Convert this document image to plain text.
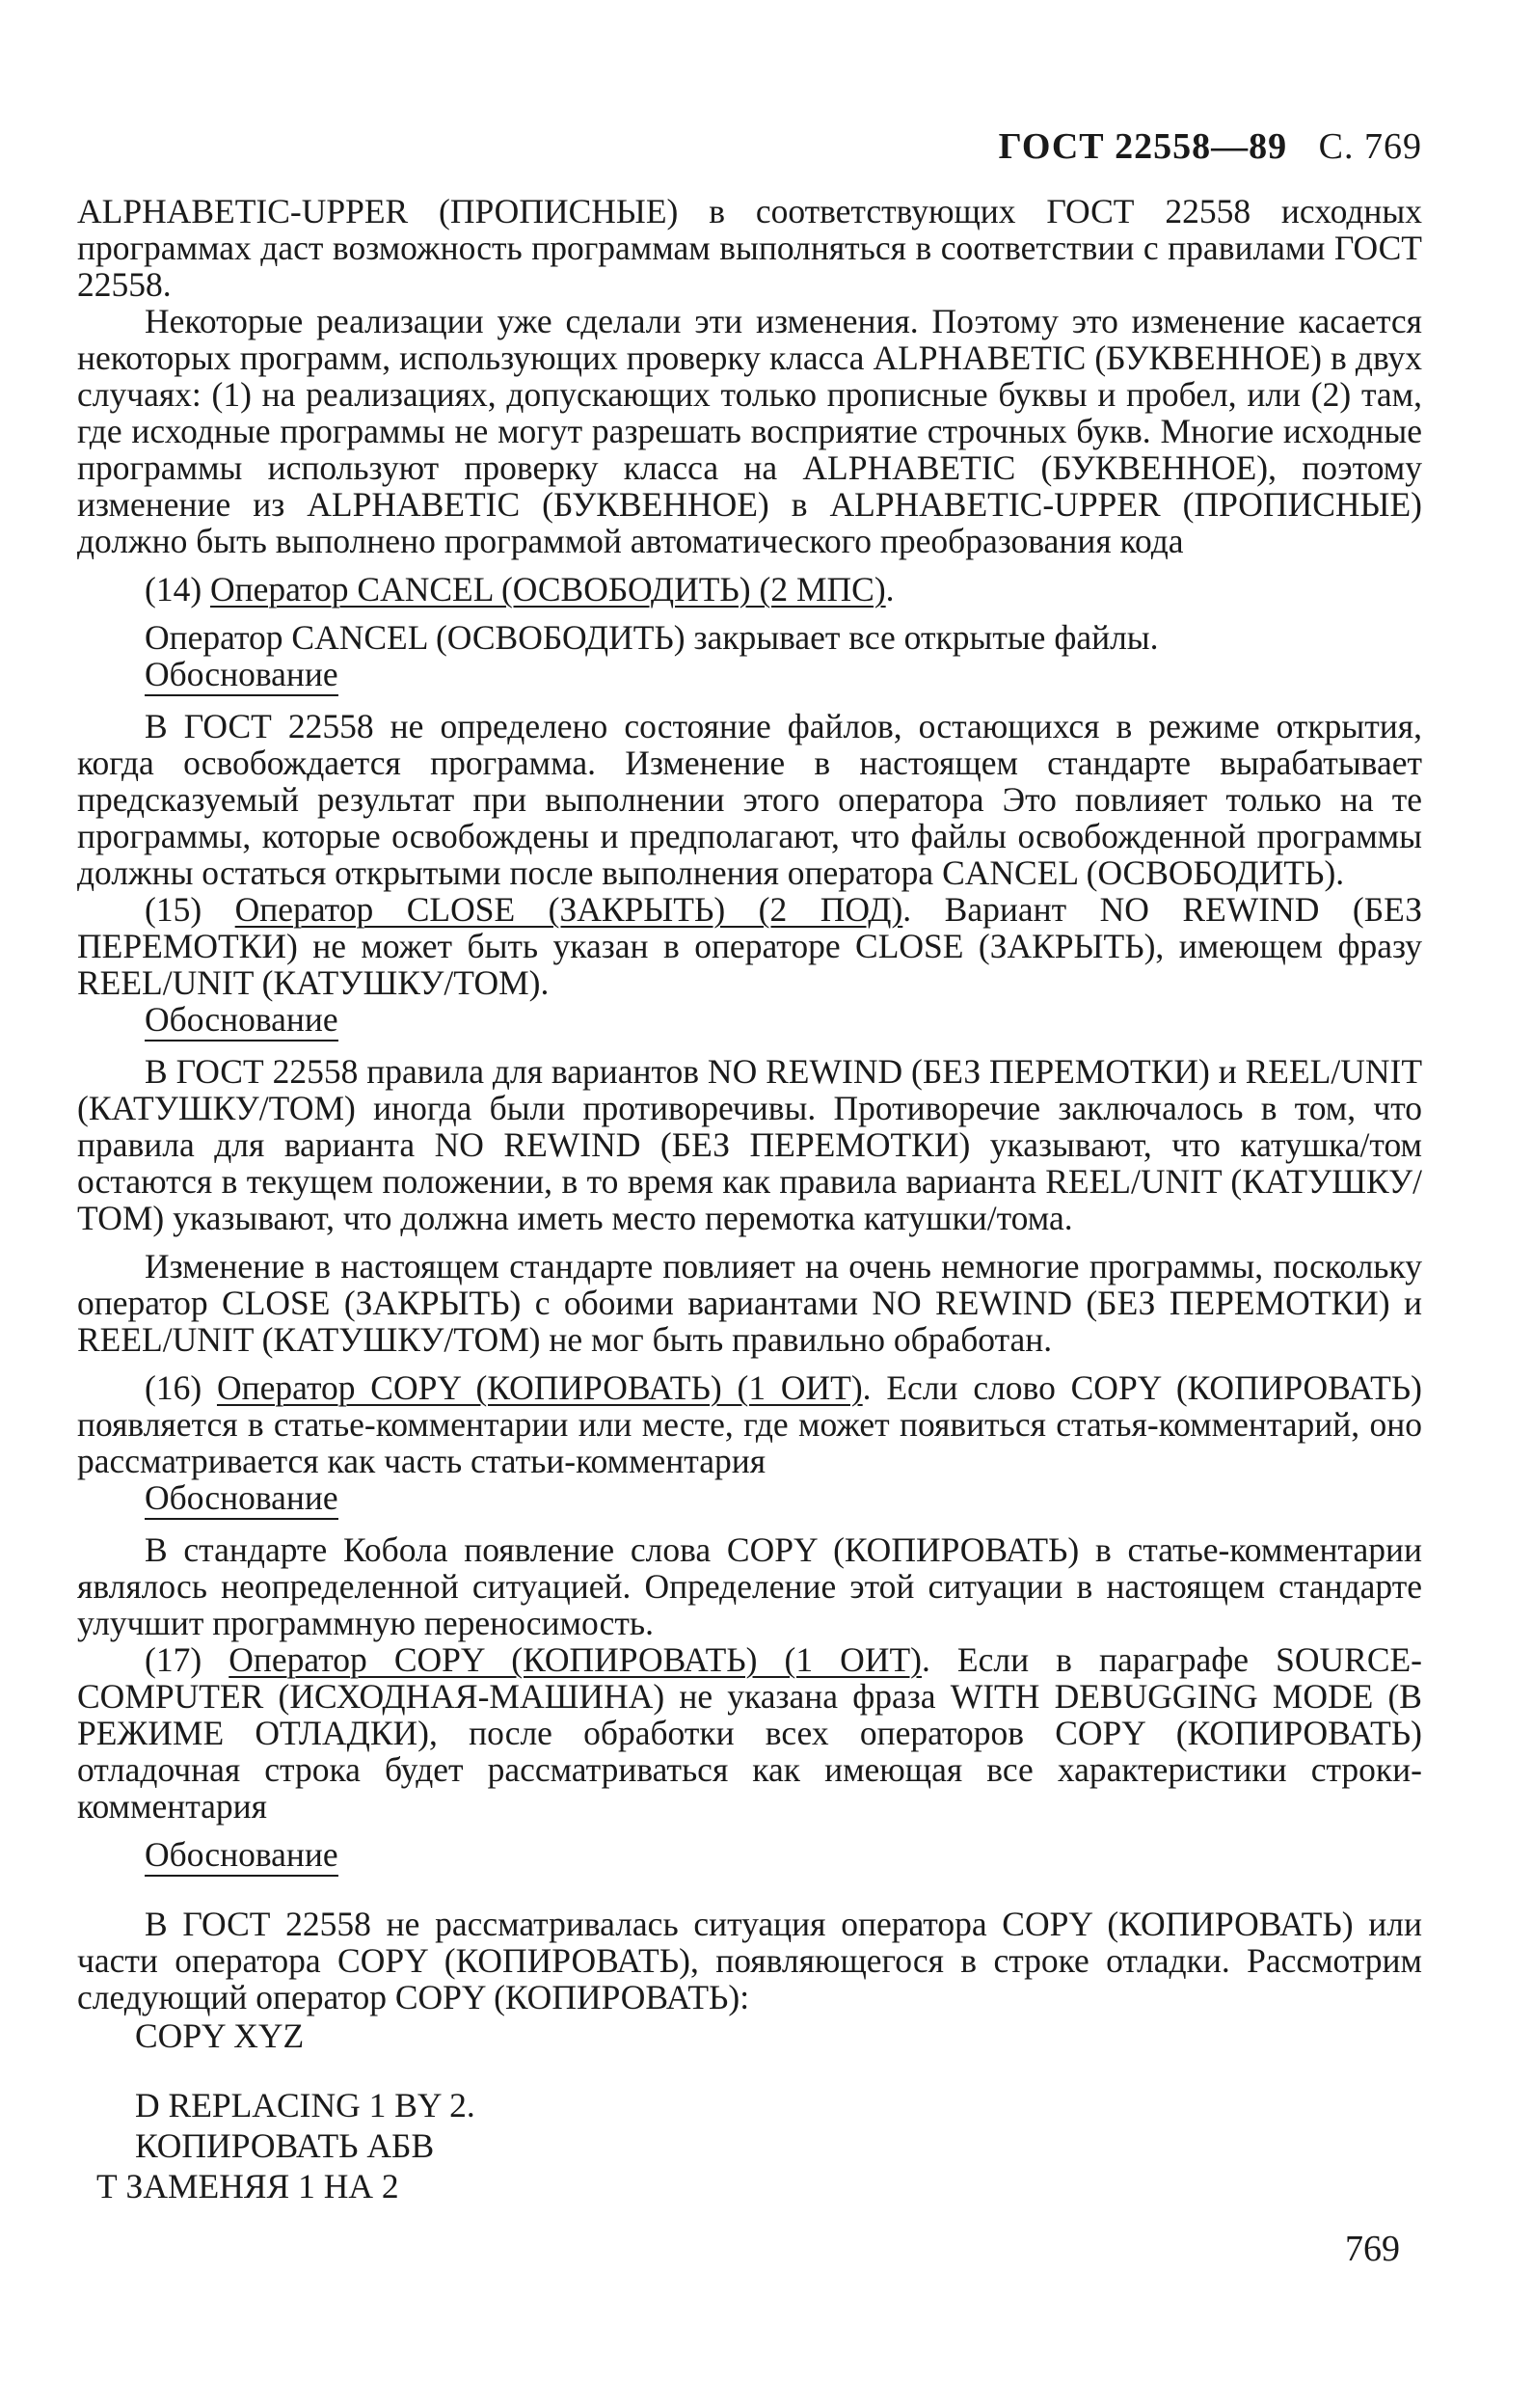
ГОСТ 22558—89 С. 769

ALPHABETIC-UPPER (ПРОПИСНЫЕ) в соответствующих ГОСТ 22558 исходных программах даст возможность программам выполняться в соответствии с правилами ГОСТ 22558.

Некоторые реализации уже сделали эти изменения. Поэтому это изменение касается некоторых программ, использующих проверку класса ALPHABETIC (БУКВЕННОЕ) в двух случаях: (1) на реализациях, допускающих только прописные буквы и пробел, или (2) там, где исходные программы не могут разрешать восприятие строчных букв. Многие исходные программы используют проверку класса на ALPHABETIC (БУКВЕННОЕ), поэтому изменение из ALPHABETIC (БУКВЕННОЕ) в ALPHABETIC-UPPER (ПРОПИСНЫЕ) должно быть выполнено программой автоматического преобразования кода

(14) Оператор CANCEL (ОСВОБОДИТЬ) (2 МПС).

Оператор CANCEL (ОСВОБОДИТЬ) закрывает все открытые файлы.

Обоснование

В ГОСТ 22558 не определено состояние файлов, остающихся в режиме открытия, когда освобождается программа. Изменение в настоящем стандарте вырабатывает предсказуемый результат при выполнении этого оператора Это повлияет только на те программы, которые освобождены и предполагают, что файлы освобожденной программы должны остаться открытыми после выполнения оператора CANCEL (ОСВОБОДИТЬ).

(15) Оператор CLOSE (ЗАКРЫТЬ) (2 ПОД). Вариант NO REWIND (БЕЗ ПЕРЕМОТКИ) не может быть указан в операторе CLOSE (ЗАКРЫТЬ), имеющем фразу REEL/UNIT (КАТУШКУ/ТОМ).

Обоснование

В ГОСТ 22558 правила для вариантов NO REWIND (БЕЗ ПЕРЕМОТКИ) и REEL/UNIT (КАТУШКУ/ТОМ) иногда были противоречивы. Противоречие заключалось в том, что правила для варианта NO REWIND (БЕЗ ПЕРЕМОТКИ) указывают, что катушка/том остаются в текущем положении, в то время как правила варианта REEL/UNIT (КАТУШКУ/ТОМ) указывают, что должна иметь место перемотка катушки/тома.

Изменение в настоящем стандарте повлияет на очень немногие программы, поскольку оператор CLOSE (ЗАКРЫТЬ) с обоими вариантами NO REWIND (БЕЗ ПЕРЕМОТКИ) и REEL/UNIT (КАТУШКУ/ТОМ) не мог быть правильно обработан.

(16) Оператор COPY (КОПИРОВАТЬ) (1 ОИТ). Если слово COPY (КОПИРОВАТЬ) появляется в статье-комментарии или месте, где может появиться статья-комментарий, оно рассматривается как часть статьи-комментария

Обоснование

В стандарте Кобола появление слова COPY (КОПИРОВАТЬ) в статье-комментарии являлось неопределенной ситуацией. Определение этой ситуации в настоящем стандарте улучшит программную переносимость.

(17) Оператор COPY (КОПИРОВАТЬ) (1 ОИТ). Если в параграфе SOURCE-COMPUTER (ИСХОДНАЯ-МАШИНА) не указана фраза WITH DEBUGGING MODE (В РЕЖИМЕ ОТЛАДКИ), после обработки всех операторов COPY (КОПИРОВАТЬ) отладочная строка будет рассматриваться как имеющая все характеристики строки-комментария

Обоснование

В ГОСТ 22558 не рассматривалась ситуация оператора COPY (КОПИРОВАТЬ) или части оператора COPY (КОПИРОВАТЬ), появляющегося в строке отладки. Рассмотрим следующий оператор COPY (КОПИРОВАТЬ):

COPY XYZ

D REPLACING 1 BY 2.

КОПИРОВАТЬ АБВ

Т ЗАМЕНЯЯ 1 НА 2

769
